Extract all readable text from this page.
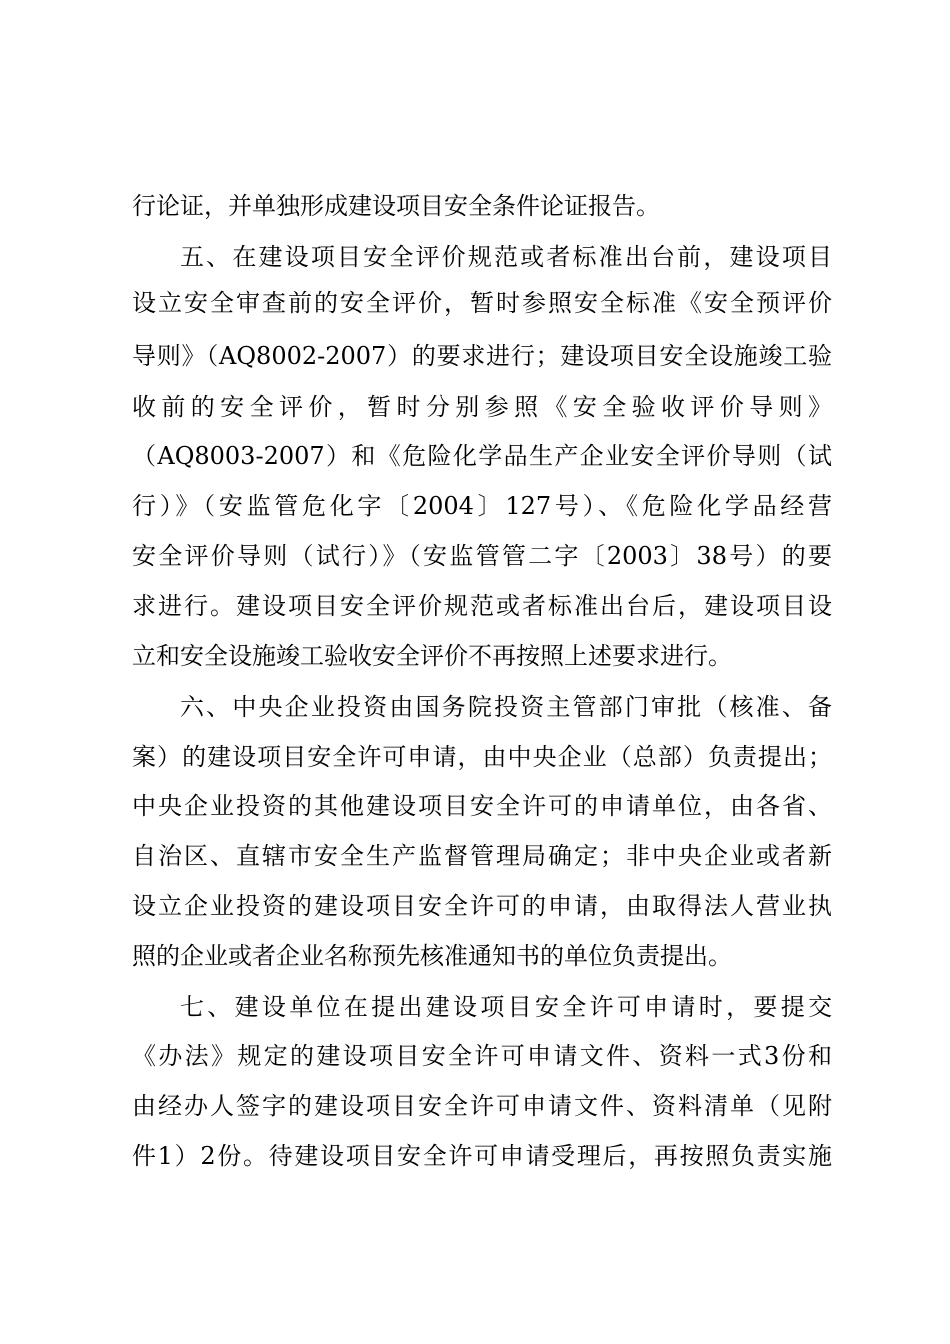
行论证，并单独形成建设项目安全条件论证报告。
五、在建设项目安全评价规范或者标准出台前，建设项目
设立安全审查前的安全评价，暂时参照安全标准《安全预评价
导则》（AQ8002-2007）的要求进行；建设项目安全设施竣工验
收前的安全评价，暂时分别参照《安全验收评价导则》
（AQ8003-2007）和《危险化学品生产企业安全评价导则（试
行）》（安监管危化字〔2004〕127号）、《危险化学品经营
安全评价导则（试行）》（安监管管二字〔2003〕38号）的要
求进行。建设项目安全评价规范或者标准出台后，建设项目设
立和安全设施竣工验收安全评价不再按照上述要求进行。
六、中央企业投资由国务院投资主管部门审批（核准、备
案）的建设项目安全许可申请，由中央企业（总部）负责提出；
中央企业投资的其他建设项目安全许可的申请单位，由各省、
自治区、直辖市安全生产监督管理局确定；非中央企业或者新
设立企业投资的建设项目安全许可的申请，由取得法人营业执
照的企业或者企业名称预先核准通知书的单位负责提出。
七、建设单位在提出建设项目安全许可申请时，要提交
《办法》规定的建设项目安全许可申请文件、资料一式3份和
由经办人签字的建设项目安全许可申请文件、资料清单（见附
件1）2份。待建设项目安全许可申请受理后，再按照负责实施
